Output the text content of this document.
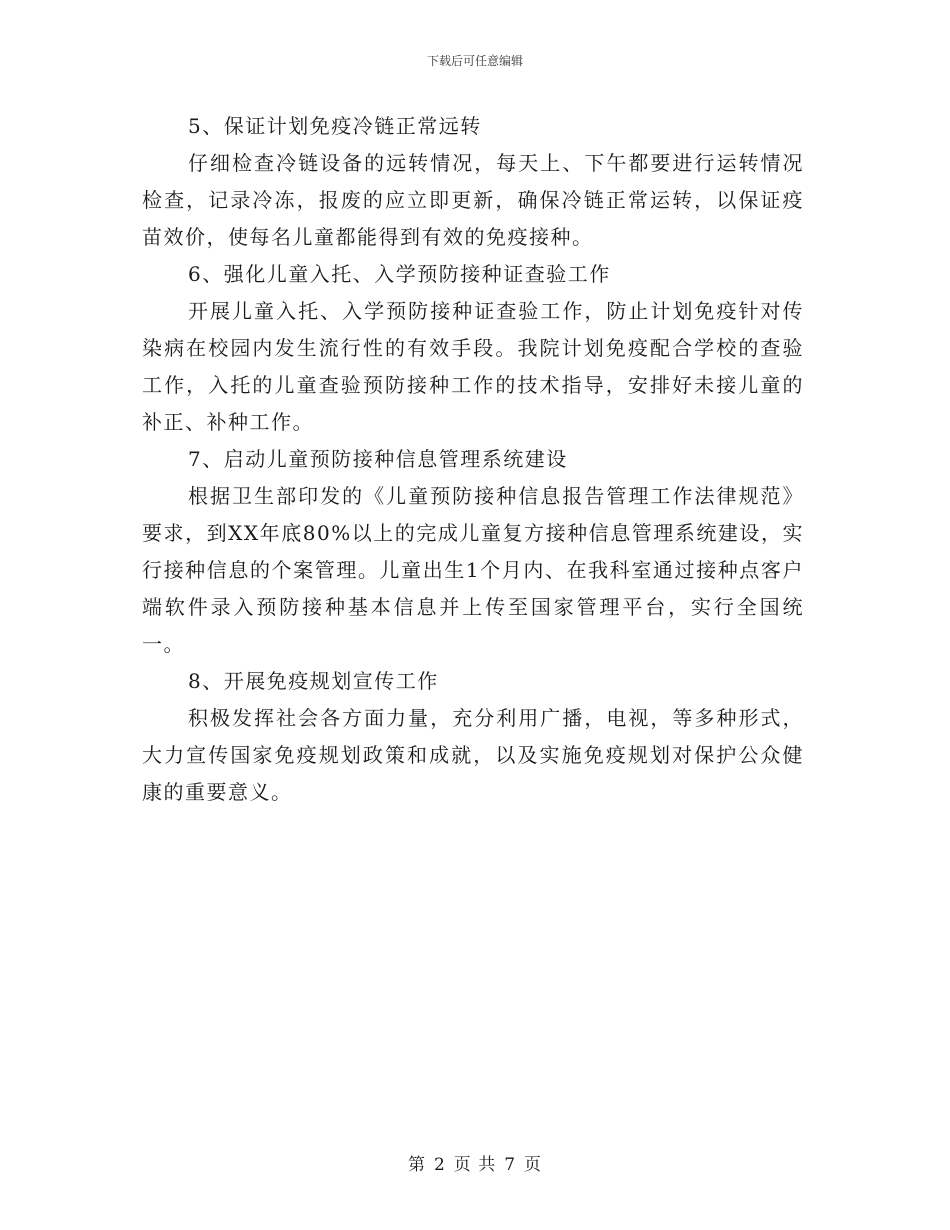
下载后可任意编辑

5、保证计划免疫冷链正常远转

仔细检查冷链设备的远转情况，每天上、下午都要进行运转情况检查，记录冷冻，报废的应立即更新，确保冷链正常运转，以保证疫苗效价，使每名儿童都能得到有效的免疫接种。

6、强化儿童入托、入学预防接种证查验工作

开展儿童入托、入学预防接种证查验工作，防止计划免疫针对传染病在校园内发生流行性的有效手段。我院计划免疫配合学校的查验工作，入托的儿童查验预防接种工作的技术指导，安排好未接儿童的补正、补种工作。

7、启动儿童预防接种信息管理系统建设

根据卫生部印发的《儿童预防接种信息报告管理工作法律规范》要求，到XX年底80%以上的完成儿童复方接种信息管理系统建设，实行接种信息的个案管理。儿童出生1个月内、在我科室通过接种点客户端软件录入预防接种基本信息并上传至国家管理平台，实行全国统一。

8、开展免疫规划宣传工作

积极发挥社会各方面力量，充分利用广播，电视，等多种形式，大力宣传国家免疫规划政策和成就，以及实施免疫规划对保护公众健康的重要意义。

第 2 页 共 7 页
